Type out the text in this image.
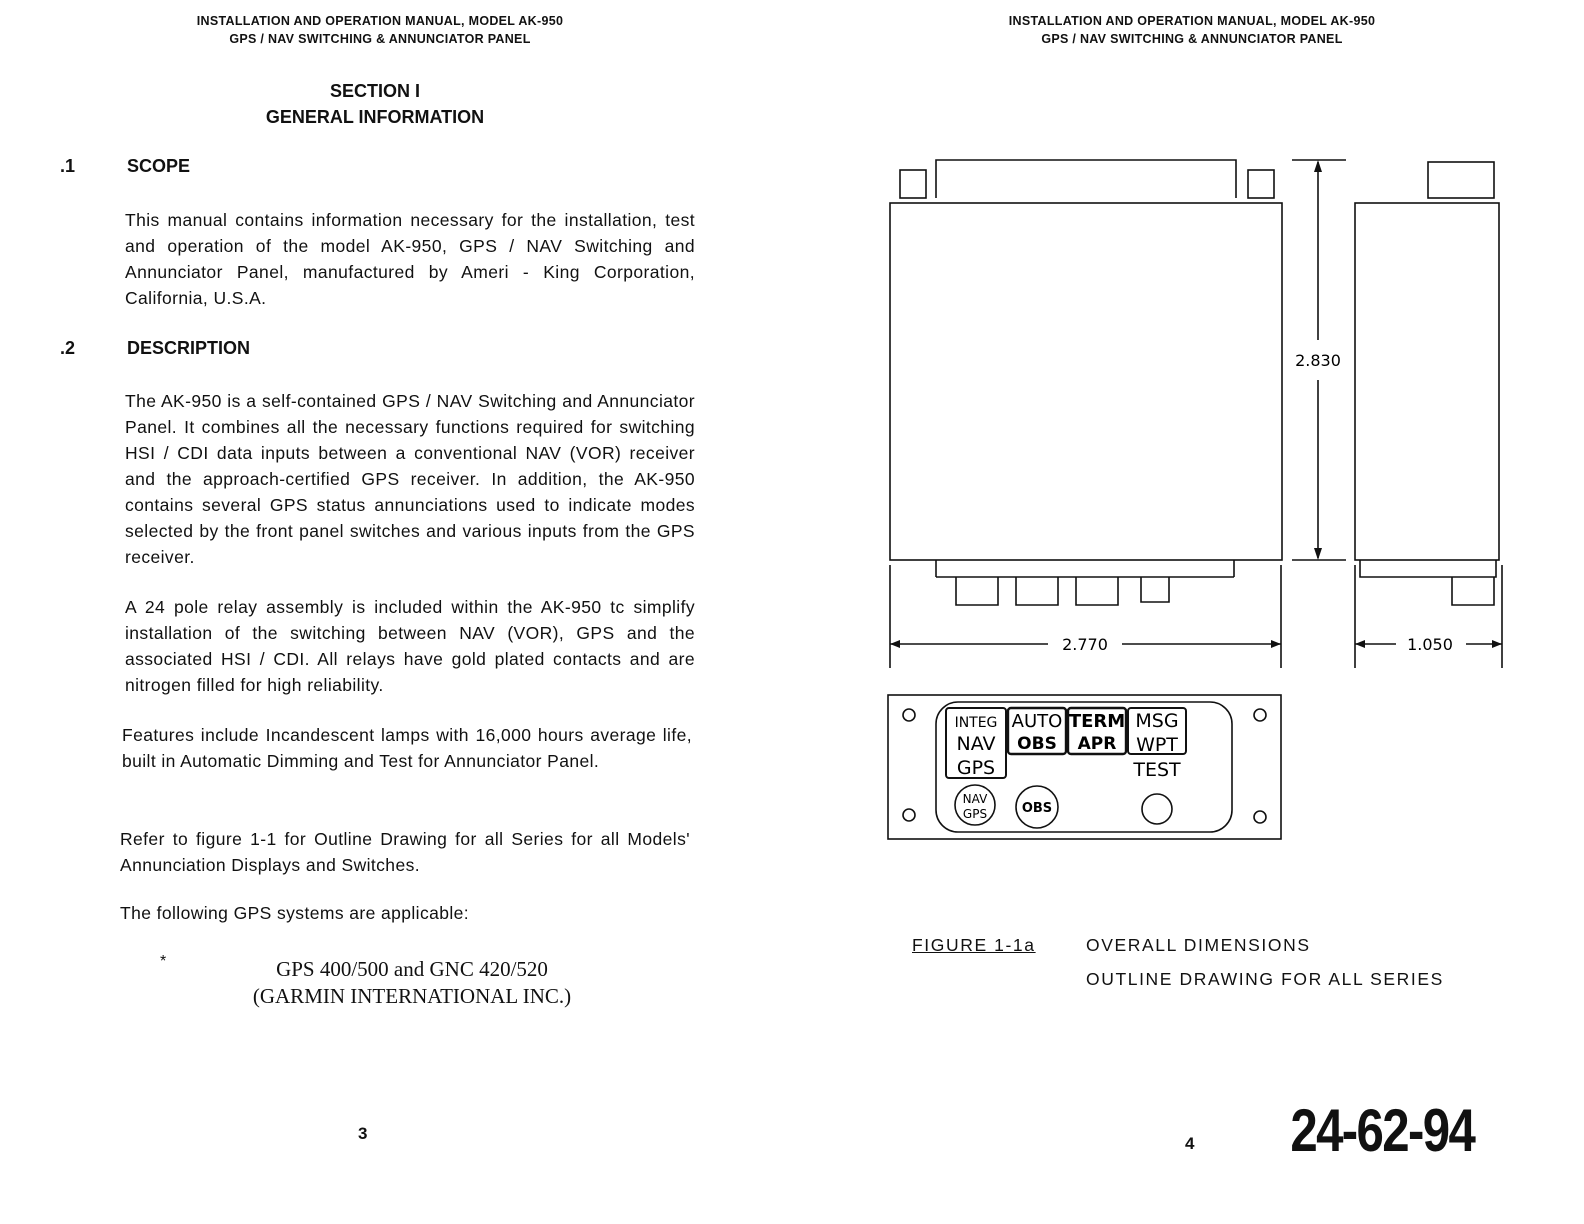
INSTALLATION AND OPERATION MANUAL, MODEL AK-950
GPS / NAV SWITCHING & ANNUNCIATOR PANEL
SECTION I
GENERAL INFORMATION
.1	SCOPE
This manual contains information necessary for the installation, test and operation of the model AK-950, GPS / NAV Switching and Annunciator Panel, manufactured by Ameri - King Corporation, California, U.S.A.
.2	DESCRIPTION
The AK-950 is a self-contained GPS / NAV Switching and Annunciator Panel. It combines all the necessary functions required for switching HSI / CDI data inputs between a conventional NAV (VOR) receiver and the approach-certified GPS receiver. In addition, the AK-950 contains several GPS status annunciations used to indicate modes selected by the front panel switches and various inputs from the GPS receiver.
A 24 pole relay assembly is included within the AK-950 tc simplify installation of the switching between NAV (VOR), GPS and the associated HSI / CDI. All relays have gold plated contacts and are nitrogen filled for high reliability.
Features include Incandescent lamps with 16,000 hours average life, built in Automatic Dimming and Test for Annunciator Panel.
Refer to figure 1-1 for Outline Drawing for all Series for all Models' Annunciation Displays and Switches.
The following GPS systems are applicable:
*	GPS 400/500 and GNC 420/520
(GARMIN INTERNATIONAL INC.)
3
INSTALLATION AND OPERATION MANUAL, MODEL AK-950
GPS / NAV SWITCHING & ANNUNCIATOR PANEL
4
2.830
2.770	1.050
INTEG
NAV
GPS
AUTO
OBS
TERM
APR
MSG
WPT
TEST
NAV
GPS	OBS
FIGURE 1-1a	OVERALL DIMENSIONS
OUTLINE DRAWING FOR ALL SERIES
24-62-94
